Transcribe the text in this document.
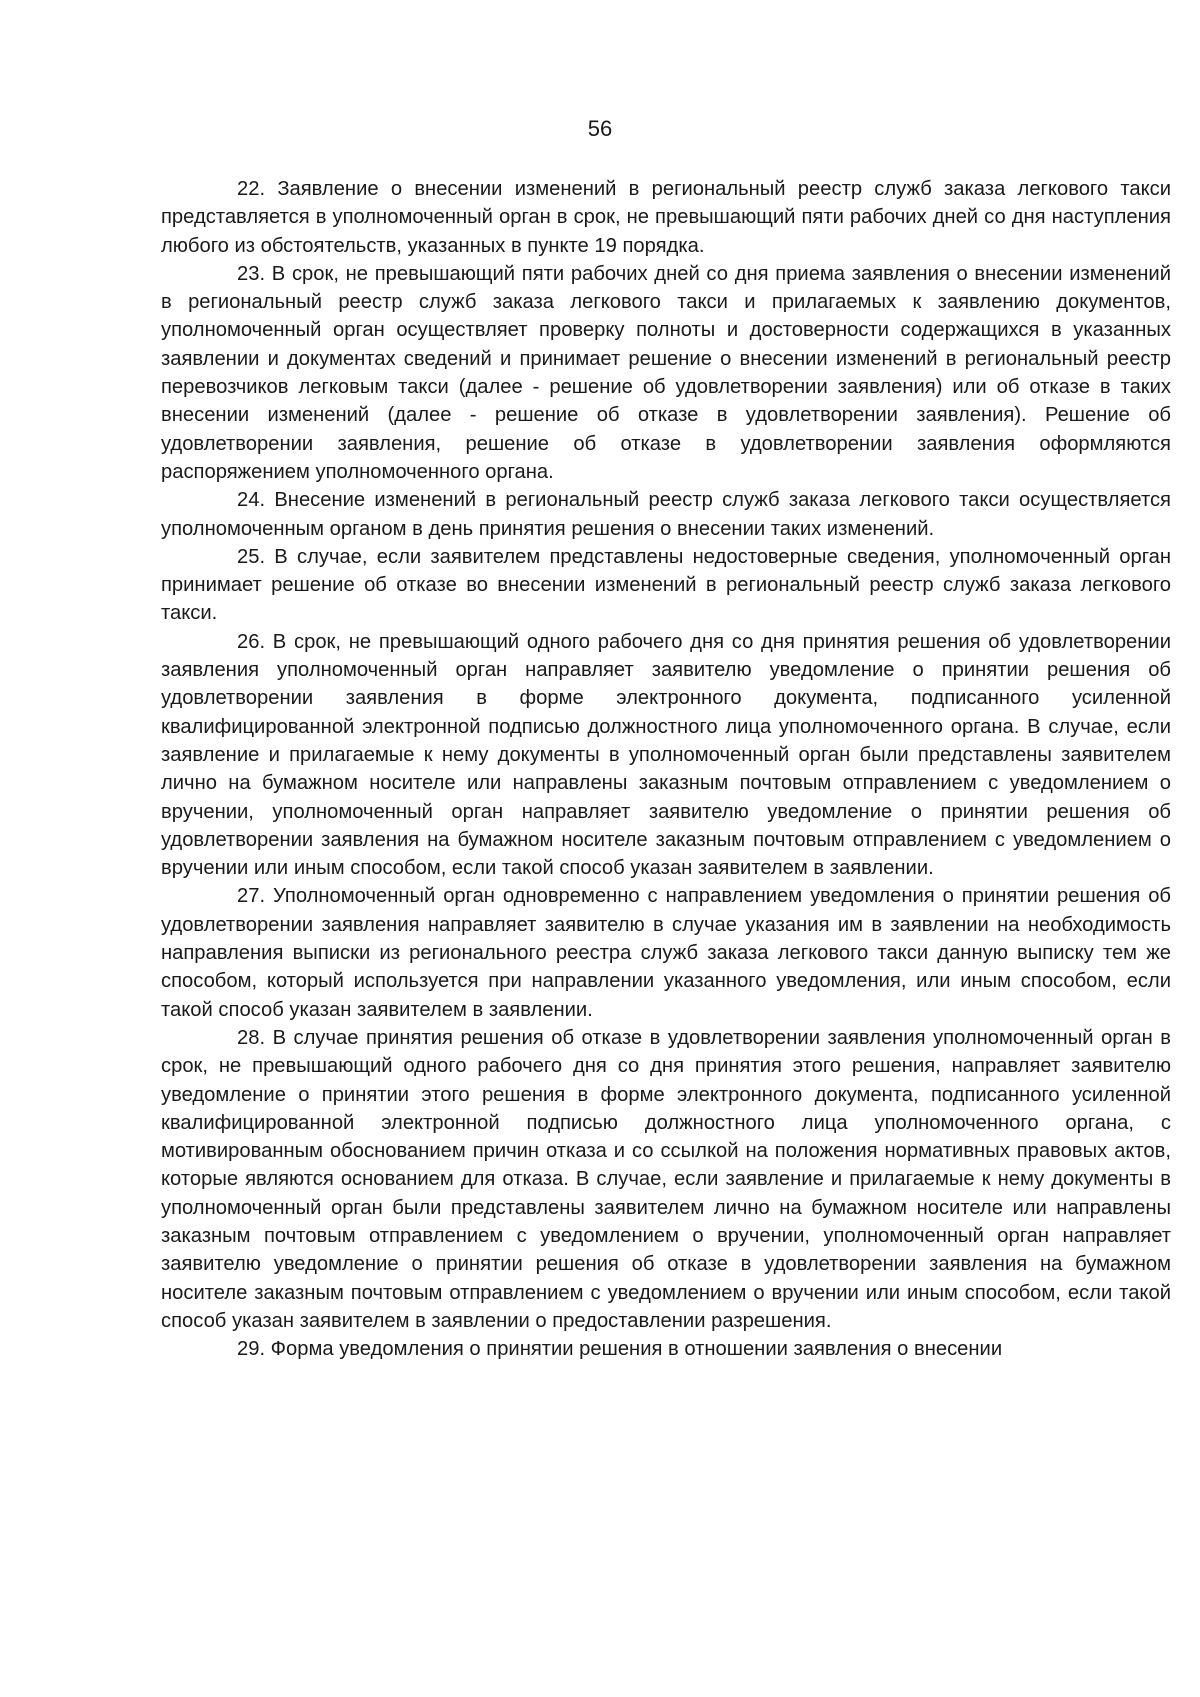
56

22. Заявление о внесении изменений в региональный реестр служб заказа легкового такси представляется в уполномоченный орган в срок, не превышающий пяти рабочих дней со дня наступления любого из обстоятельств, указанных в пункте 19 порядка.

23. В срок, не превышающий пяти рабочих дней со дня приема заявления о внесении изменений в региональный реестр служб заказа легкового такси и прилагаемых к заявлению документов, уполномоченный орган осуществляет проверку полноты и достоверности содержащихся в указанных заявлении и документах сведений и принимает решение о внесении изменений в региональный реестр перевозчиков легковым такси (далее - решение об удовлетворении заявления) или об отказе в таких внесении изменений (далее - решение об отказе в удовлетворении заявления). Решение об удовлетворении заявления, решение об отказе в удовлетворении заявления оформляются распоряжением уполномоченного органа.

24. Внесение изменений в региональный реестр служб заказа легкового такси осуществляется уполномоченным органом в день принятия решения о внесении таких изменений.

25. В случае, если заявителем представлены недостоверные сведения, уполномоченный орган принимает решение об отказе во внесении изменений в региональный реестр служб заказа легкового такси.

26. В срок, не превышающий одного рабочего дня со дня принятия решения об удовлетворении заявления уполномоченный орган направляет заявителю уведомление о принятии решения об удовлетворении заявления в форме электронного документа, подписанного усиленной квалифицированной электронной подписью должностного лица уполномоченного органа. В случае, если заявление и прилагаемые к нему документы в уполномоченный орган были представлены заявителем лично на бумажном носителе или направлены заказным почтовым отправлением с уведомлением о вручении, уполномоченный орган направляет заявителю уведомление о принятии решения об удовлетворении заявления на бумажном носителе заказным почтовым отправлением с уведомлением о вручении или иным способом, если такой способ указан заявителем в заявлении.

27. Уполномоченный орган одновременно с направлением уведомления о принятии решения об удовлетворении заявления направляет заявителю в случае указания им в заявлении на необходимость направления выписки из регионального реестра служб заказа легкового такси данную выписку тем же способом, который используется при направлении указанного уведомления, или иным способом, если такой способ указан заявителем в заявлении.

28. В случае принятия решения об отказе в удовлетворении заявления уполномоченный орган в срок, не превышающий одного рабочего дня со дня принятия этого решения, направляет заявителю уведомление о принятии этого решения в форме электронного документа, подписанного усиленной квалифицированной электронной подписью должностного лица уполномоченного органа, с мотивированным обоснованием причин отказа и со ссылкой на положения нормативных правовых актов, которые являются основанием для отказа. В случае, если заявление и прилагаемые к нему документы в уполномоченный орган были представлены заявителем лично на бумажном носителе или направлены заказным почтовым отправлением с уведомлением о вручении, уполномоченный орган направляет заявителю уведомление о принятии решения об отказе в удовлетворении заявления на бумажном носителе заказным почтовым отправлением с уведомлением о вручении или иным способом, если такой способ указан заявителем в заявлении о предоставлении разрешения.

29. Форма уведомления о принятии решения в отношении заявления о внесении
